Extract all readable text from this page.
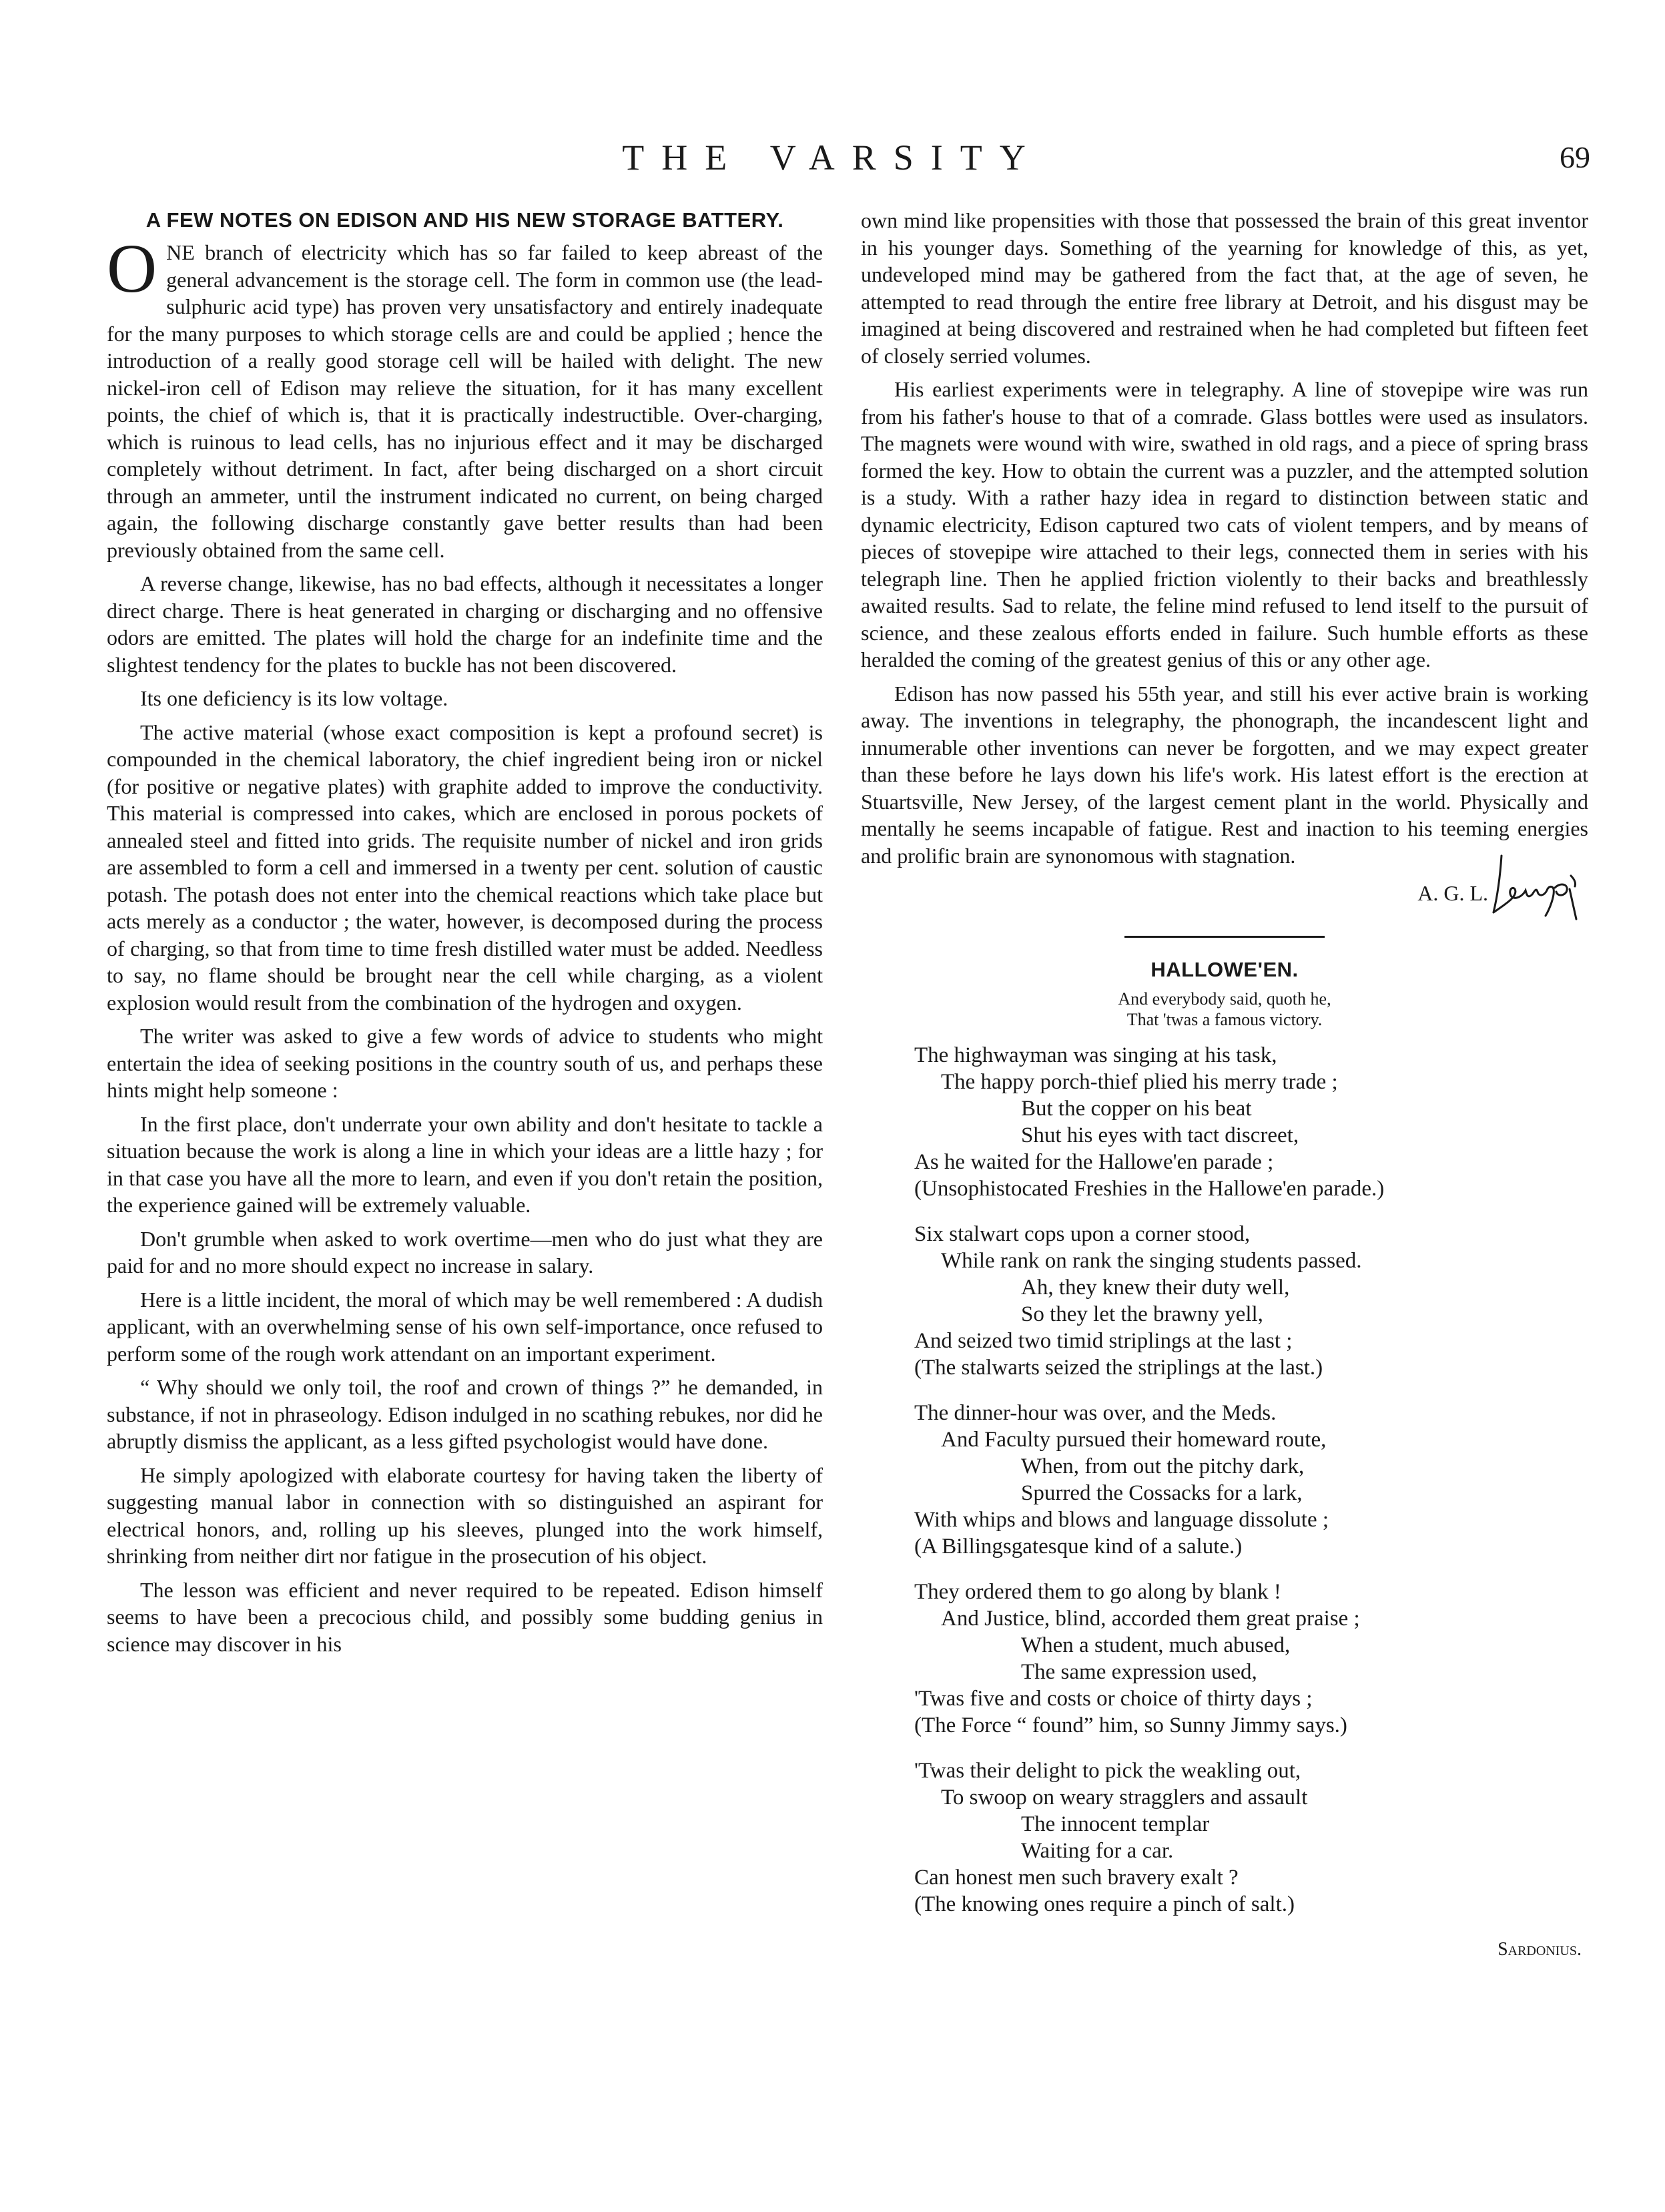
THE VARSITY	69
A FEW NOTES ON EDISON AND HIS NEW STORAGE BATTERY.

ONE branch of electricity which has so far failed to keep abreast of the general advancement is the storage cell. The form in common use (the lead-sulphuric acid type) has proven very unsatisfactory and entirely inadequate for the many purposes to which storage cells are and could be applied ; hence the introduction of a really good storage cell will be hailed with delight. The new nickel-iron cell of Edison may relieve the situation, for it has many excellent points, the chief of which is, that it is practically indestructible. Over-charging, which is ruinous to lead cells, has no injurious effect and it may be discharged completely without detriment. In fact, after being discharged on a short circuit through an ammeter, until the instrument indicated no current, on being charged again, the following discharge constantly gave better results than had been previously obtained from the same cell.

A reverse change, likewise, has no bad effects, although it necessitates a longer direct charge. There is heat generated in charging or discharging and no offensive odors are emitted. The plates will hold the charge for an indefinite time and the slightest tendency for the plates to buckle has not been discovered.

Its one deficiency is its low voltage.

The active material (whose exact composition is kept a profound secret) is compounded in the chemical laboratory, the chief ingredient being iron or nickel (for positive or negative plates) with graphite added to improve the conductivity. This material is compressed into cakes, which are enclosed in porous pockets of annealed steel and fitted into grids. The requisite number of nickel and iron grids are assembled to form a cell and immersed in a twenty per cent. solution of caustic potash. The potash does not enter into the chemical reactions which take place but acts merely as a conductor ; the water, however, is decomposed during the process of charging, so that from time to time fresh distilled water must be added. Needless to say, no flame should be brought near the cell while charging, as a violent explosion would result from the combination of the hydrogen and oxygen.

The writer was asked to give a few words of advice to students who might entertain the idea of seeking positions in the country south of us, and perhaps these hints might help someone :

In the first place, don't underrate your own ability and don't hesitate to tackle a situation because the work is along a line in which your ideas are a little hazy ; for in that case you have all the more to learn, and even if you don't retain the position, the experience gained will be extremely valuable.

Don't grumble when asked to work overtime—men who do just what they are paid for and no more should expect no increase in salary.

Here is a little incident, the moral of which may be well remembered : A dudish applicant, with an overwhelming sense of his own self-importance, once refused to perform some of the rough work attendant on an important experiment.

“ Why should we only toil, the roof and crown of things ?” he demanded, in substance, if not in phraseology. Edison indulged in no scathing rebukes, nor did he abruptly dismiss the applicant, as a less gifted psychologist would have done.

He simply apologized with elaborate courtesy for having taken the liberty of suggesting manual labor in connection with so distinguished an aspirant for electrical honors, and, rolling up his sleeves, plunged into the work himself, shrinking from neither dirt nor fatigue in the prosecution of his object.

The lesson was efficient and never required to be repeated. Edison himself seems to have been a precocious child, and possibly some budding genius in science may discover in his

own mind like propensities with those that possessed the brain of this great inventor in his younger days. Something of the yearning for knowledge of this, as yet, undeveloped mind may be gathered from the fact that, at the age of seven, he attempted to read through the entire free library at Detroit, and his disgust may be imagined at being discovered and restrained when he had completed but fifteen feet of closely serried volumes.

His earliest experiments were in telegraphy. A line of stovepipe wire was run from his father's house to that of a comrade. Glass bottles were used as insulators. The magnets were wound with wire, swathed in old rags, and a piece of spring brass formed the key. How to obtain the current was a puzzler, and the attempted solution is a study. With a rather hazy idea in regard to distinction between static and dynamic electricity, Edison captured two cats of violent tempers, and by means of pieces of stovepipe wire attached to their legs, connected them in series with his telegraph line. Then he applied friction violently to their backs and breathlessly awaited results. Sad to relate, the feline mind refused to lend itself to the pursuit of science, and these zealous efforts ended in failure. Such humble efforts as these heralded the coming of the greatest genius of this or any other age.

Edison has now passed his 55th year, and still his ever active brain is working away. The inventions in telegraphy, the phonograph, the incandescent light and innumerable other inventions can never be forgotten, and we may expect greater than these before he lays down his life's work. His latest effort is the erection at Stuartsville, New Jersey, of the largest cement plant in the world. Physically and mentally he seems incapable of fatigue. Rest and inaction to his teeming energies and prolific brain are synonomous with stagnation.

A. G. L.
HALLOWE'EN.
And everybody said, quoth he,
That 'twas a famous victory.
The highwayman was singing at his task,
The happy porch-thief plied his merry trade ;
But the copper on his beat
Shut his eyes with tact discreet,
As he waited for the Hallowe'en parade ;
(Unsophistocated Freshies in the Hallowe'en parade.)
Six stalwart cops upon a corner stood,
While rank on rank the singing students passed.
Ah, they knew their duty well,
So they let the brawny yell,
And seized two timid striplings at the last ;
(The stalwarts seized the striplings at the last.)
The dinner-hour was over, and the Meds.
And Faculty pursued their homeward route,
When, from out the pitchy dark,
Spurred the Cossacks for a lark,
With whips and blows and language dissolute ;
(A Billingsgatesque kind of a salute.)
They ordered them to go along by blank !
And Justice, blind, accorded them great praise ;
When a student, much abused,
The same expression used,
'Twas five and costs or choice of thirty days ;
(The Force “ found” him, so Sunny Jimmy says.)
'Twas their delight to pick the weakling out,
To swoop on weary stragglers and assault
The innocent templar
Waiting for a car.
Can honest men such bravery exalt ?
(The knowing ones require a pinch of salt.)
Sardonius.
